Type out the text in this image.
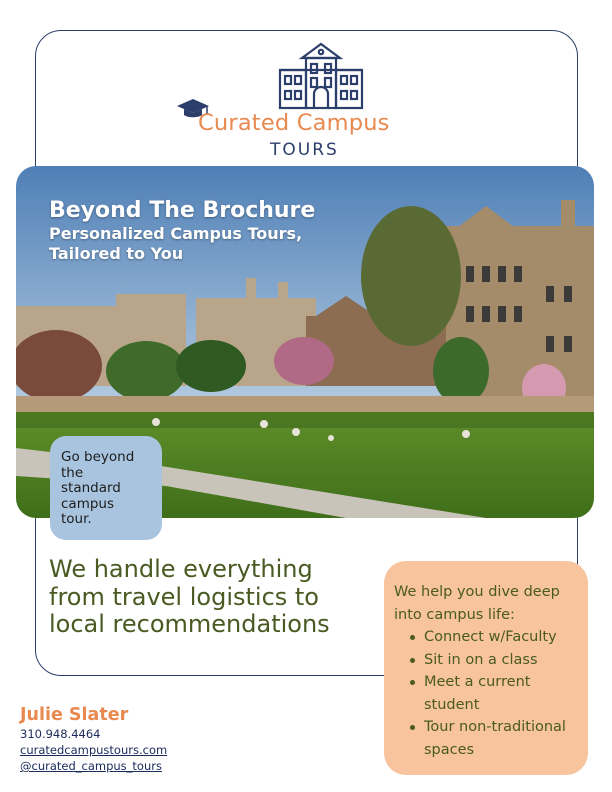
Curated Campus
TOURS
Beyond The Brochure
Personalized Campus Tours,
Tailored to You
Go beyond
the
standard
campus
tour.
We handle everything
from travel logistics to
local recommendations
We help you dive deep
into campus life:
Connect w/Faculty
Sit in on a class
Meet a current student
Tour non-traditional spaces
Julie Slater
310.948.4464
curatedcampustours.com
@curated_campus_tours
